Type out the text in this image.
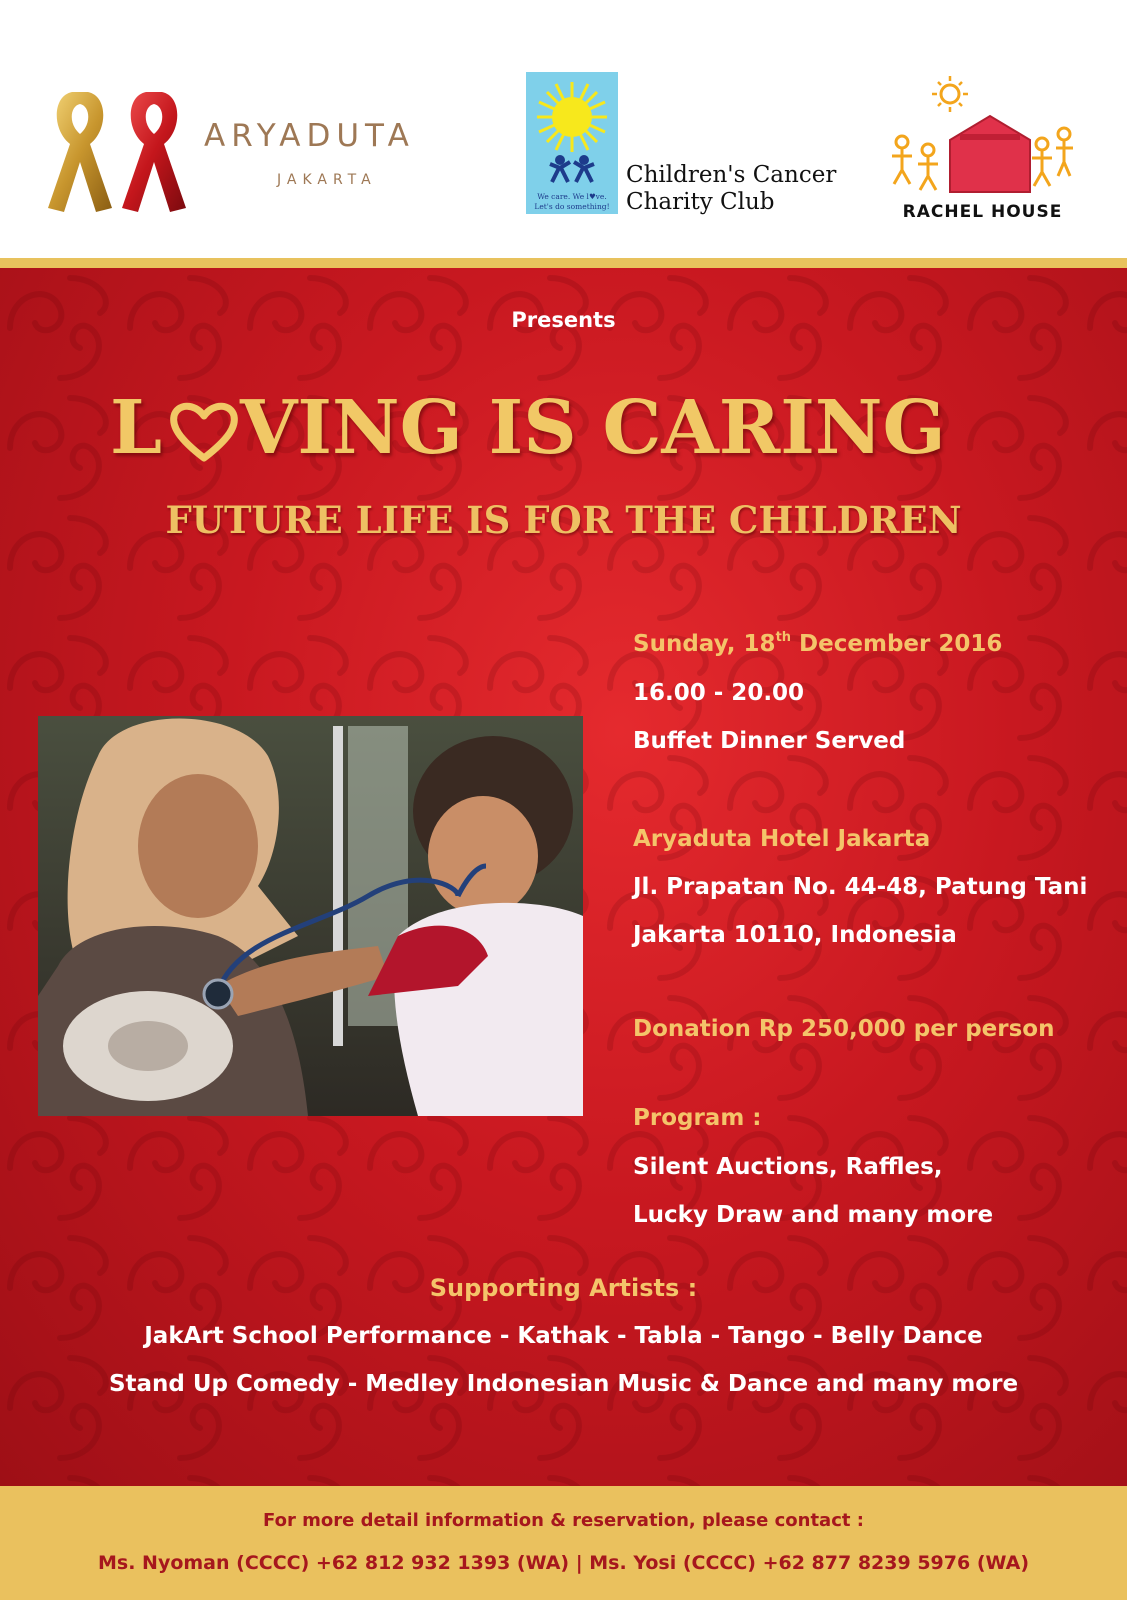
ARYADUTA
JAKARTA
We care. We l♥ve.
Let's do something!
Children's Cancer
Charity Club	RACHEL HOUSE
Presents
L VING IS CARING
FUTURE LIFE IS FOR THE CHILDREN
Sunday, 18th December 2016
16.00 - 20.00
Buffet Dinner Served
Aryaduta Hotel Jakarta
Jl. Prapatan No. 44-48, Patung Tani
Jakarta 10110, Indonesia
Donation Rp 250,000 per person
Program :
Silent Auctions, Raffles,
Lucky Draw and many more
Supporting Artists :
JakArt School Performance - Kathak - Tabla - Tango - Belly Dance
Stand Up Comedy - Medley Indonesian Music & Dance and many more
For more detail information & reservation, please contact :
Ms. Nyoman (CCCC) +62 812 932 1393 (WA) | Ms. Yosi (CCCC) +62 877 8239 5976 (WA)
